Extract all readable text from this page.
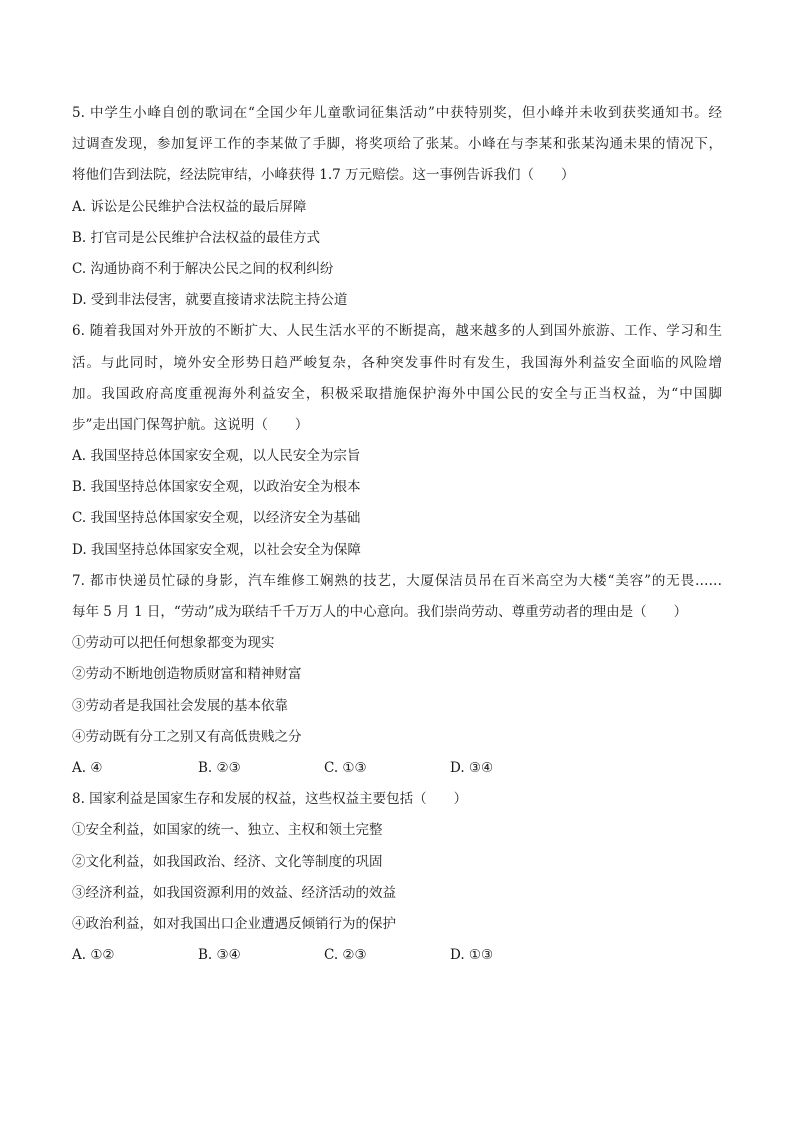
5. 中学生小峰自创的歌词在“全国少年儿童歌词征集活动”中获特别奖，但小峰并未收到获奖通知书。经
过调查发现，参加复评工作的李某做了手脚，将奖项给了张某。小峰在与李某和张某沟通未果的情况下，
将他们告到法院，经法院审结，小峰获得 1.7 万元赔偿。这一事例告诉我们（　　）
A. 诉讼是公民维护合法权益的最后屏障
B. 打官司是公民维护合法权益的最佳方式
C. 沟通协商不利于解决公民之间的权利纠纷
D. 受到非法侵害，就要直接请求法院主持公道
6. 随着我国对外开放的不断扩大、人民生活水平的不断提高，越来越多的人到国外旅游、工作、学习和生
活。与此同时，境外安全形势日趋严峻复杂，各种突发事件时有发生，我国海外利益安全面临的风险增
加。我国政府高度重视海外利益安全，积极采取措施保护海外中国公民的安全与正当权益，为“中国脚
步”走出国门保驾护航。这说明（　　）
A. 我国坚持总体国家安全观，以人民安全为宗旨
B. 我国坚持总体国家安全观，以政治安全为根本
C. 我国坚持总体国家安全观，以经济安全为基础
D. 我国坚持总体国家安全观，以社会安全为保障
7. 都市快递员忙碌的身影，汽车维修工娴熟的技艺，大厦保洁员吊在百米高空为大楼“美容”的无畏……
每年 5 月 1 日，“劳动”成为联结千千万万人的中心意向。我们崇尚劳动、尊重劳动者的理由是（　　）
①劳动可以把任何想象都变为现实
②劳动不断地创造物质财富和精神财富
③劳动者是我国社会发展的基本依靠
④劳动既有分工之别又有高低贵贱之分
A. ④	B. ②③	C. ①③	D. ③④
8. 国家利益是国家生存和发展的权益，这些权益主要包括（　　）
①安全利益，如国家的统一、独立、主权和领土完整
②文化利益，如我国政治、经济、文化等制度的巩固
③经济利益，如我国资源利用的效益、经济活动的效益
④政治利益，如对我国出口企业遭遇反倾销行为的保护
A. ①②	B. ③④	C. ②③	D. ①③
